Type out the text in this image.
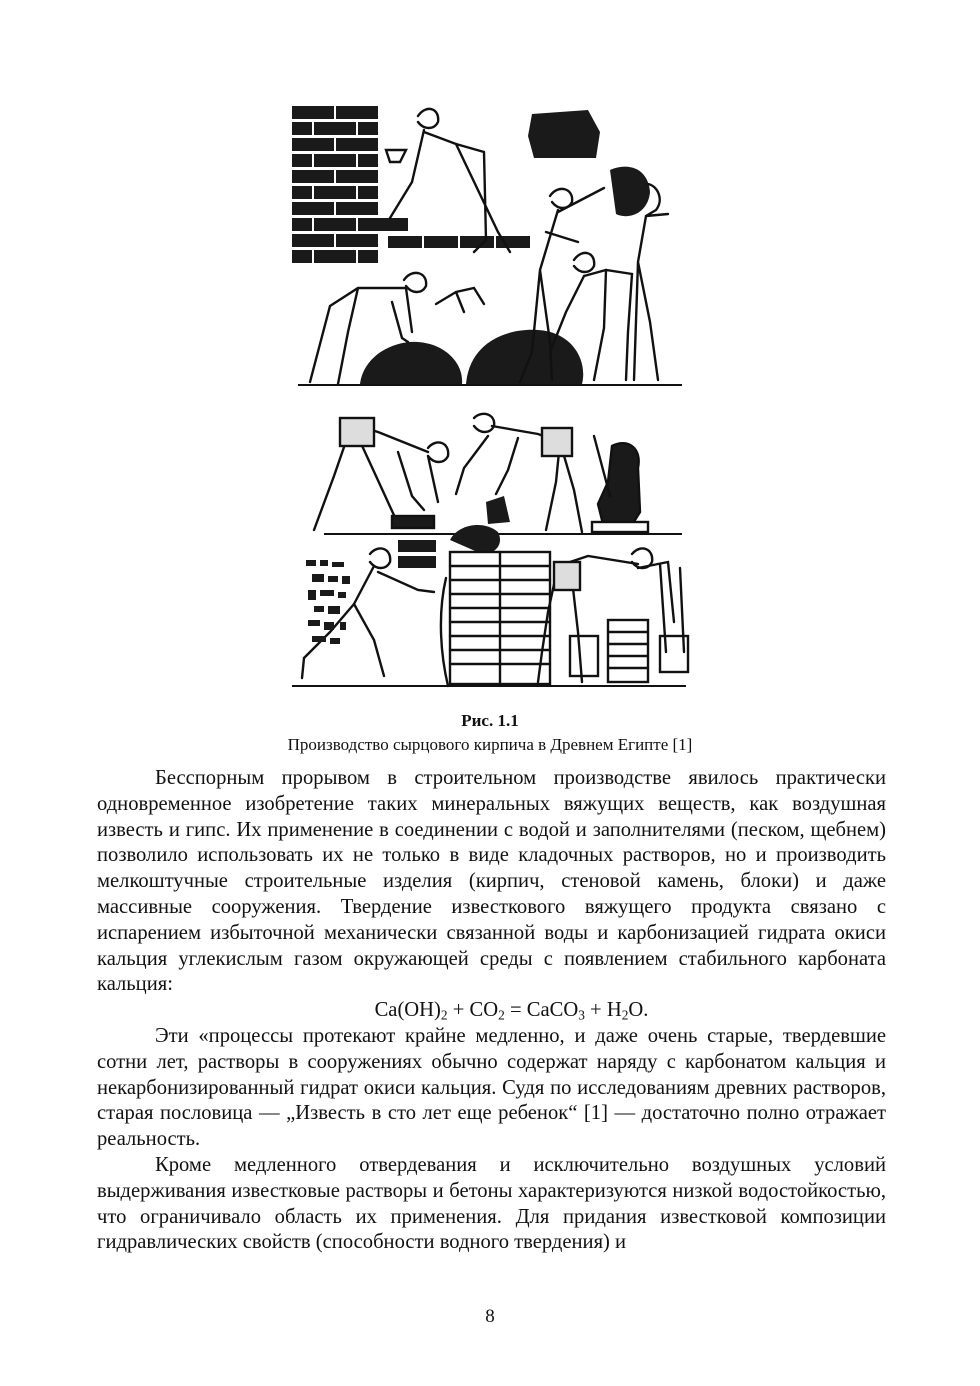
Рис. 1.1
Производство сырцового кирпича в Древнем Египте [1]

Бесспорным прорывом в строительном производстве явилось практически одновременное изобретение таких минеральных вяжущих веществ, как воздушная известь и гипс. Их применение в соединении с водой и заполнителями (песком, щебнем) позволило использовать их не только в виде кладочных растворов, но и производить мелкоштучные строительные изделия (кирпич, стеновой камень, блоки) и даже массивные сооружения. Твердение известкового вяжущего продукта связано с испарением избыточной механически связанной воды и карбонизацией гидрата окиси кальция углекислым газом окружающей среды с появлением стабильного карбоната кальция:

$Ca(OH)_2 + CO_2$ = CaCO$_3$ + $H_2O$.

Эти «процессы протекают крайне медленно, и даже очень старые, твердевшие сотни лет, растворы в сооружениях обычно содержат наряду с карбонатом кальция и некарбонизированный гидрат окиси кальция. Судя по исследованиям древних растворов, старая пословица — „Известь в сто лет еще ребенок“ [1] — достаточно полно отражает реальность.

Кроме медленного отвердевания и исключительно воздушных условий выдерживания известковые растворы и бетоны характеризуются низкой водостойкостью, что ограничивало область их применения. Для придания известковой композиции гидравлических свойств (способности водного твердения) и

8
